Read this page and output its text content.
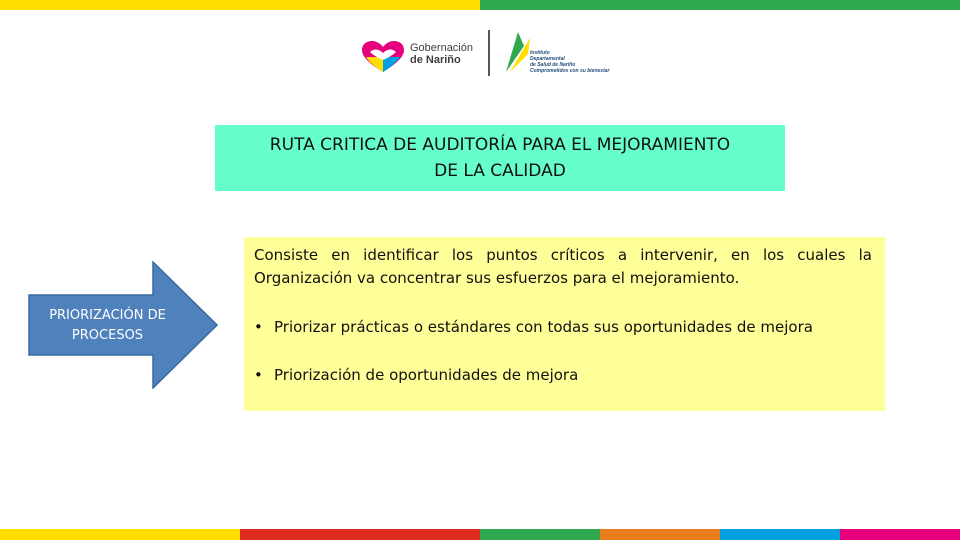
Gobernación
de Nariño
Instituto
Departamental
de Salud de Nariño
Comprometidos con su bienestar
RUTA CRITICA DE AUDITORÍA PARA EL MEJORAMIENTO
DE LA CALIDAD
PRIORIZACIÓN DE
PROCESOS
Consiste en identificar los puntos críticos a intervenir, en los cuales la Organización va concentrar sus esfuerzos para el mejoramiento.
• Priorizar prácticas o estándares con todas sus oportunidades de mejora
• Priorización de oportunidades de mejora
